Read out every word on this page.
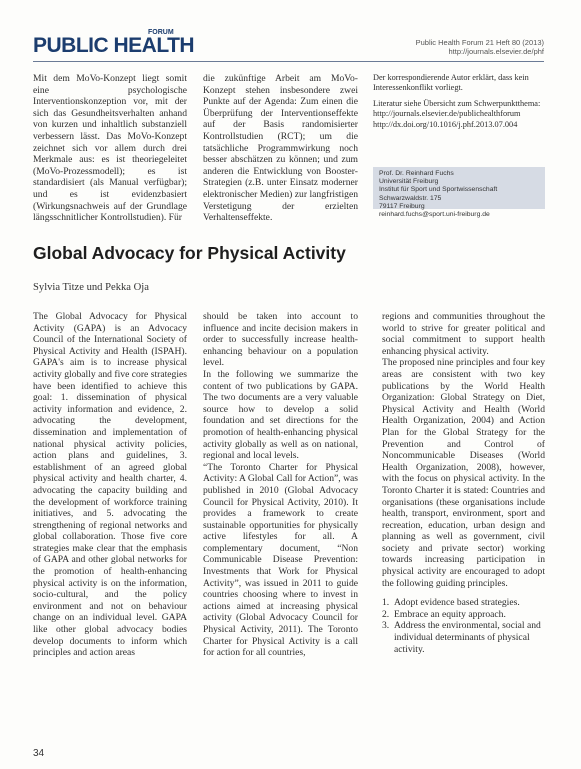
PUBLIC HEALTH
FORUM
Public Health Forum 21 Heft 80 (2013)
http://journals.elsevier.de/phf

Mit dem MoVo-Konzept liegt somit eine psychologische Interventionskonzeption vor, mit der sich das Gesundheitsverhalten anhand von kurzen und inhaltlich substanziell verbessern lässt. Das MoVo-Konzept zeichnet sich vor allem durch drei Merkmale aus: es ist theoriegeleitet (MoVo-Prozessmodell); es ist standardisiert (als Manual verfügbar); und es ist evidenzbasiert (Wirkungsnachweis auf der Grundlage längsschnitlicher Kontrollstudien). Für

die zukünftige Arbeit am MoVo-Konzept stehen insbesondere zwei Punkte auf der Agenda: Zum einen die Überprüfung der Interventionseffekte auf der Basis randomisierter Kontrollstudien (RCT); um die tatsächliche Programmwirkung noch besser abschätzen zu können; und zum anderen die Entwicklung von Booster-Strategien (z.B. unter Einsatz moderner elektronischer Medien) zur langfristigen Verstetigung der erzielten Verhaltenseffekte.

Der korrespondierende Autor erklärt, dass kein Interessenkonflikt vorliegt.

Literatur siehe Übersicht zum Schwerpunktthema:
http://journals.elsevier.de/publichealthforum
http://dx.doi.org/10.1016/j.phf.2013.07.004
Prof. Dr. Reinhard Fuchs
Universität Freiburg
Institut für Sport und Sportwissenschaft
Schwarzwaldstr. 175
79117 Freiburg
reinhard.fuchs@sport.uni-freiburg.de
Global Advocacy for Physical Activity
Sylvia Titze und Pekka Oja

The Global Advocacy for Physical Activity (GAPA) is an Advocacy Council of the International Society of Physical Activity and Health (ISPAH). GAPA's aim is to increase physical activity globally and five core strategies have been identified to achieve this goal: 1. dissemination of physical activity information and evidence, 2. advocating the development, dissemination and implementation of national physical activity policies, action plans and guidelines, 3. establishment of an agreed global physical activity and health charter, 4. advocating the capacity building and the development of workforce training initiatives, and 5. advocating the strengthening of regional networks and global collaboration. Those five core strategies make clear that the emphasis of GAPA and other global networks for the promotion of health-enhancing physical activity is on the information, socio-cultural, and the policy environment and not on behaviour change on an individual level. GAPA like other global advocacy bodies develop documents to inform which principles and action areas

should be taken into account to influence and incite decision makers in order to successfully increase health-enhancing behaviour on a population level.

In the following we summarize the content of two publications by GAPA. The two documents are a very valuable source how to develop a solid foundation and set directions for the promotion of health-enhancing physical activity globally as well as on national, regional and local levels.

“The Toronto Charter for Physical Activity: A Global Call for Action”, was published in 2010 (Global Advocacy Council for Physical Activity, 2010). It provides a framework to create sustainable opportunities for physically active lifestyles for all. A complementary document, “Non Communicable Disease Prevention: Investments that Work for Physical Activity”, was issued in 2011 to guide countries choosing where to invest in actions aimed at increasing physical activity (Global Advocacy Council for Physical Activity, 2011). The Toronto Charter for Physical Activity is a call for action for all countries,

regions and communities throughout the world to strive for greater political and social commitment to support health enhancing physical activity.

The proposed nine principles and four key areas are consistent with two key publications by the World Health Organization: Global Strategy on Diet, Physical Activity and Health (World Health Organization, 2004) and Action Plan for the Global Strategy for the Prevention and Control of Noncommunicable Diseases (World Health Organization, 2008), however, with the focus on physical activity. In the Toronto Charter it is stated: Countries and organisations (these organisations include health, transport, environment, sport and recreation, education, urban design and planning as well as government, civil society and private sector) working towards increasing participation in physical activity are encouraged to adopt the following guiding principles.

1. Adopt evidence based strategies.
2. Embrace an equity approach.
3. Address the environmental, social and individual determinants of physical activity.
34
